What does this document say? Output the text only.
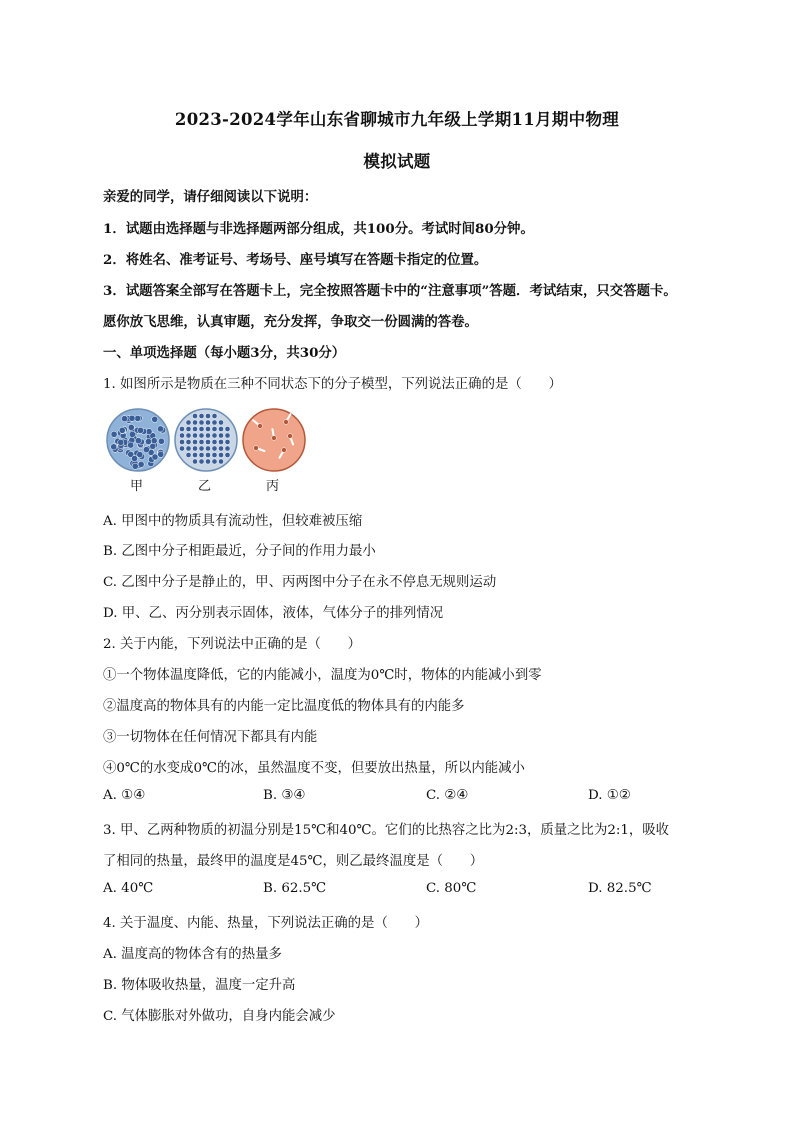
2023-2024学年山东省聊城市九年级上学期11月期中物理
模拟试题
亲爱的同学，请仔细阅读以下说明：
1．试题由选择题与非选择题两部分组成，共100分。考试时间80分钟。
2．将姓名、准考证号、考场号、座号填写在答题卡指定的位置。
3．试题答案全部写在答题卡上，完全按照答题卡中的“注意事项”答题．考试结束，只交答题卡。
愿你放飞思维，认真审题，充分发挥，争取交一份圆满的答卷。
一、单项选择题（每小题3分，共30分）
1. 如图所示是物质在三种不同状态下的分子模型，下列说法正确的是（　　）
甲	乙	丙
A. 甲图中的物质具有流动性，但较难被压缩
B. 乙图中分子相距最近，分子间的作用力最小
C. 乙图中分子是静止的，甲、丙两图中分子在永不停息无规则运动
D. 甲、乙、丙分别表示固体，液体，气体分子的排列情况
2. 关于内能，下列说法中正确的是（　　）
①一个物体温度降低，它的内能减小，温度为0℃时，物体的内能减小到零
②温度高的物体具有的内能一定比温度低的物体具有的内能多
③一切物体在任何情况下都具有内能
④0℃的水变成0℃的冰，虽然温度不变，但要放出热量，所以内能减小
A. ①④	B. ③④	C. ②④	D. ①②
3. 甲、乙两种物质的初温分别是15℃和40℃。它们的比热容之比为2:3，质量之比为2:1，吸收
了相同的热量，最终甲的温度是45℃，则乙最终温度是（　　）
A. 40℃	B. 62.5℃	C. 80℃	D. 82.5℃
4. 关于温度、内能、热量，下列说法正确的是（　　）
A. 温度高的物体含有的热量多
B. 物体吸收热量，温度一定升高
C. 气体膨胀对外做功，自身内能会减少
